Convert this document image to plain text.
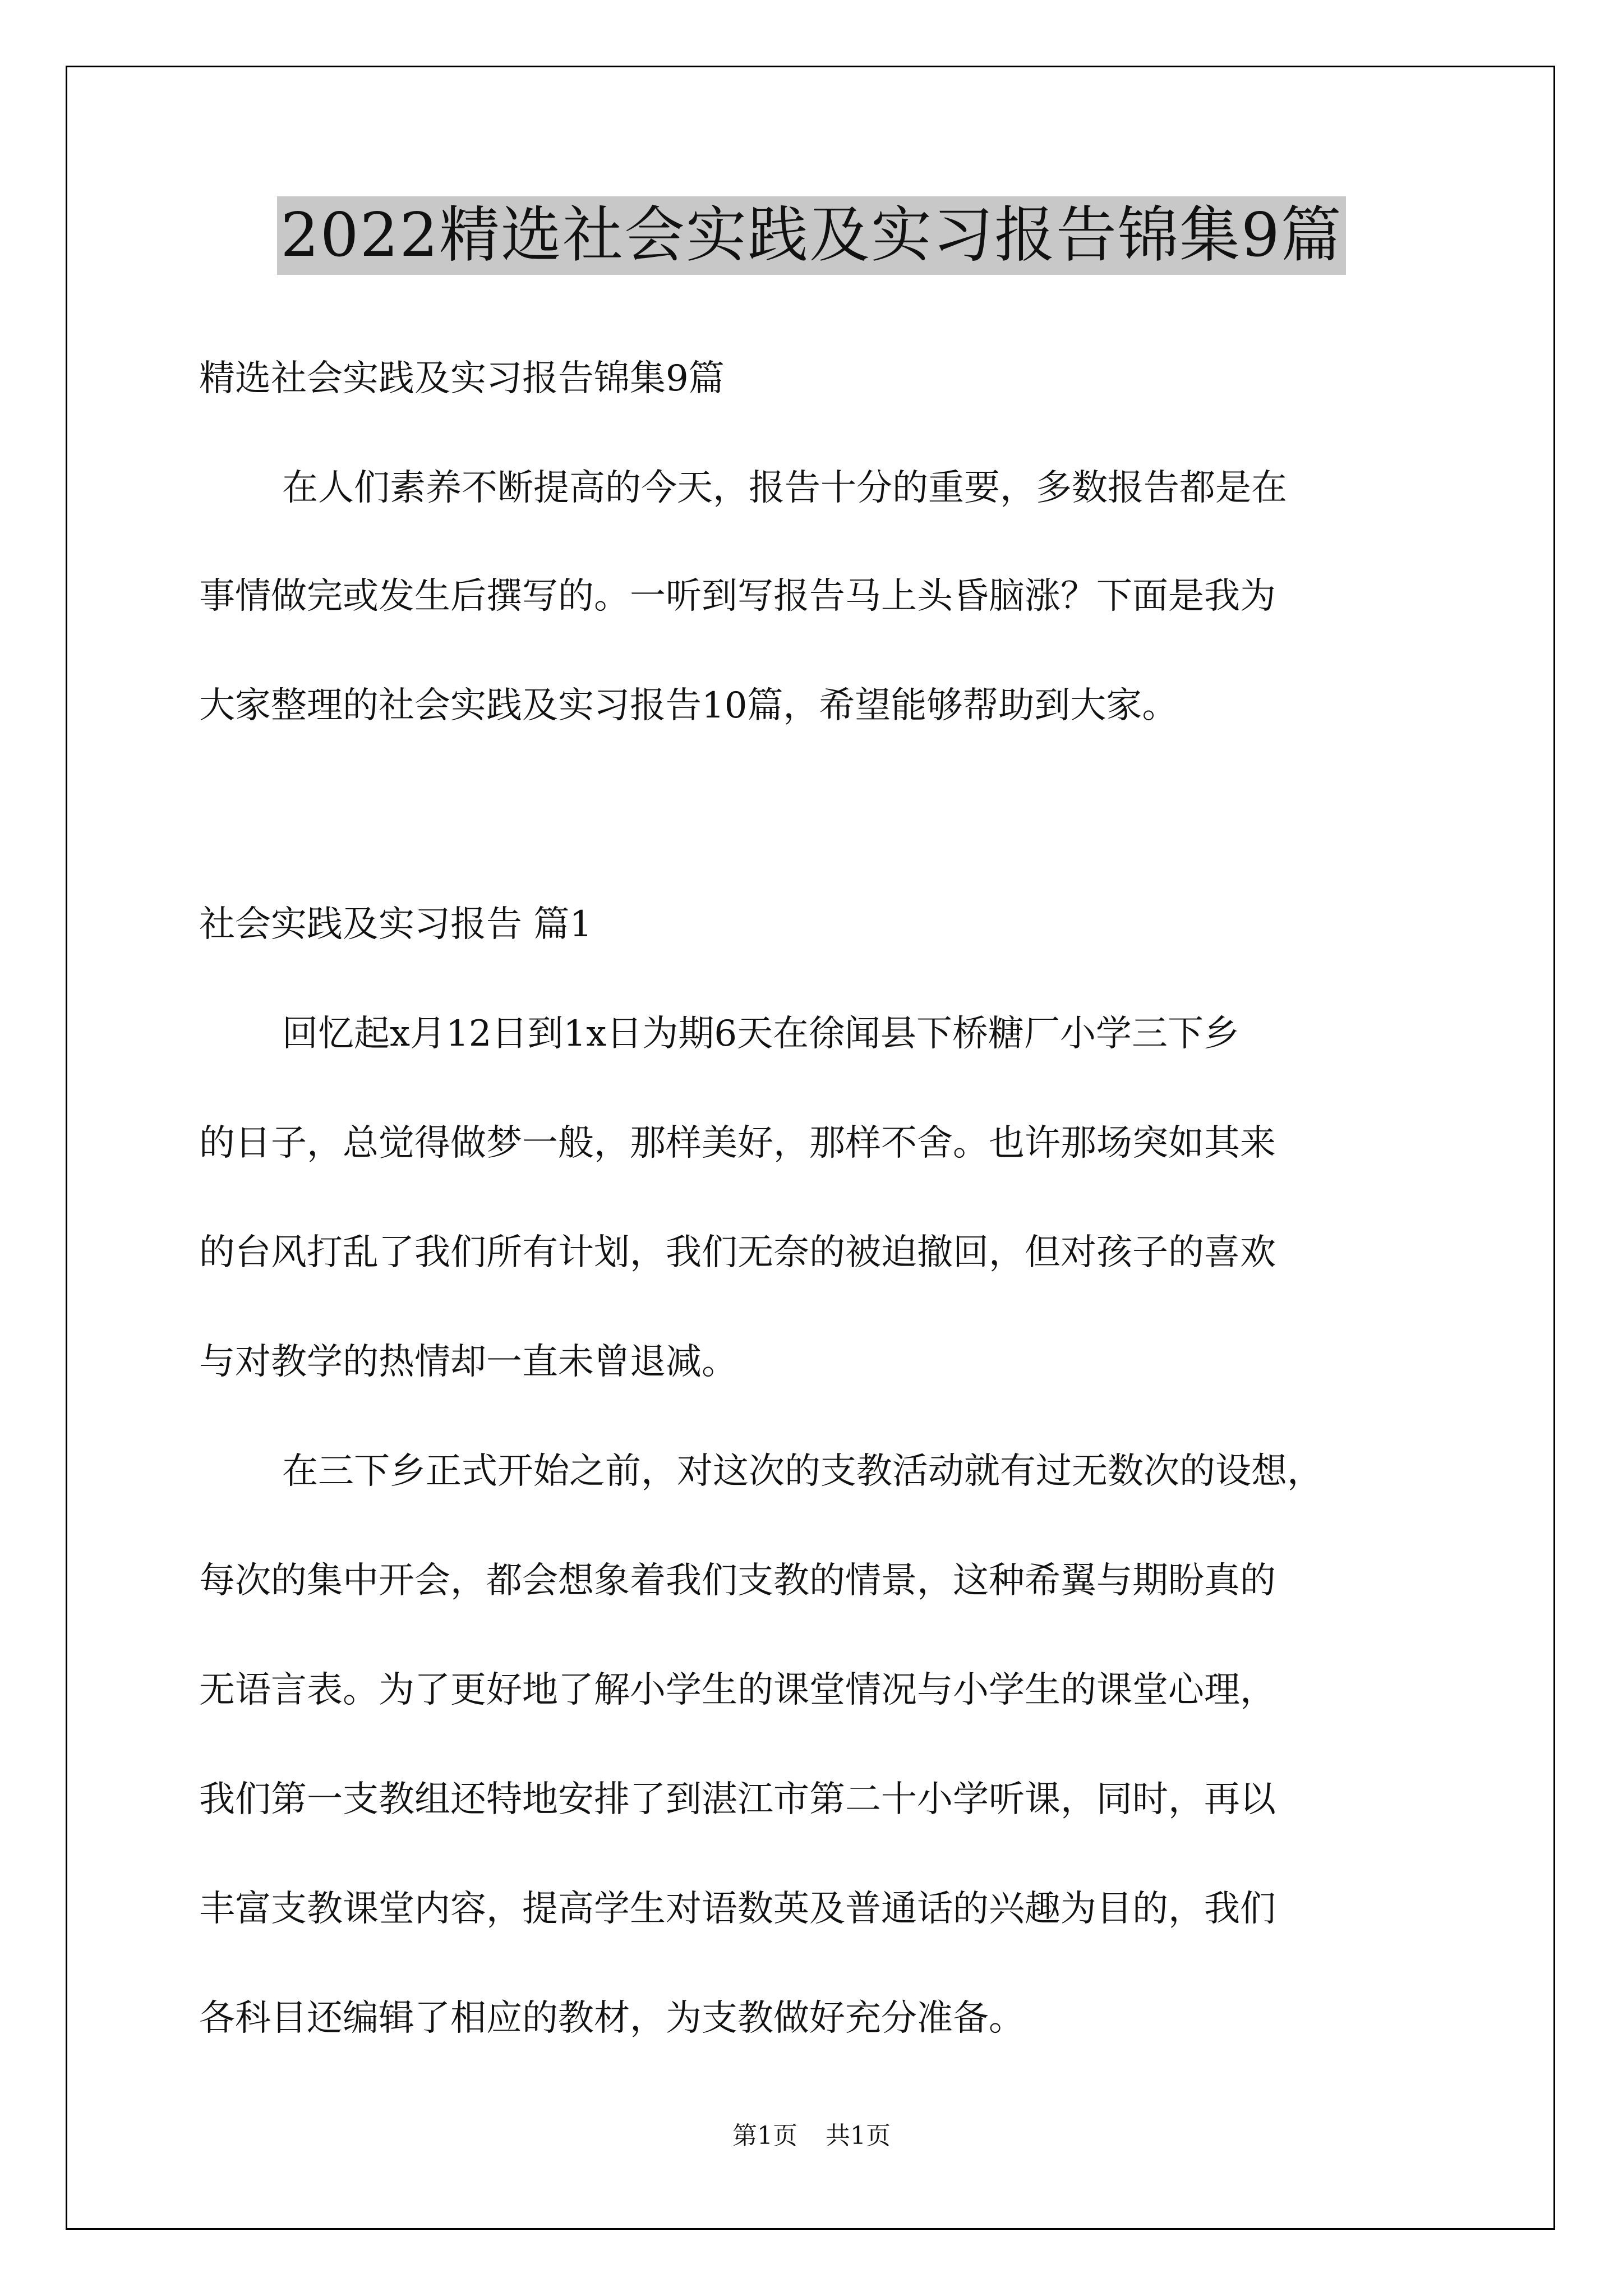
2022精选社会实践及实习报告锦集9篇
精选社会实践及实习报告锦集9篇
在人们素养不断提高的今天，报告十分的重要，多数报告都是在
事情做完或发生后撰写的。一听到写报告马上头昏脑涨？下面是我为
大家整理的社会实践及实习报告10篇，希望能够帮助到大家。
社会实践及实习报告 篇1
回忆起x月12日到1x日为期6天在徐闻县下桥糖厂小学三下乡
的日子，总觉得做梦一般，那样美好，那样不舍。也许那场突如其来
的台风打乱了我们所有计划，我们无奈的被迫撤回，但对孩子的喜欢
与对教学的热情却一直未曾退减。
在三下乡正式开始之前，对这次的支教活动就有过无数次的设想，
每次的集中开会，都会想象着我们支教的情景，这种希翼与期盼真的
无语言表。为了更好地了解小学生的课堂情况与小学生的课堂心理，
我们第一支教组还特地安排了到湛江市第二十小学听课，同时，再以
丰富支教课堂内容，提高学生对语数英及普通话的兴趣为目的，我们
各科目还编辑了相应的教材，为支教做好充分准备。
第1页 共1页
